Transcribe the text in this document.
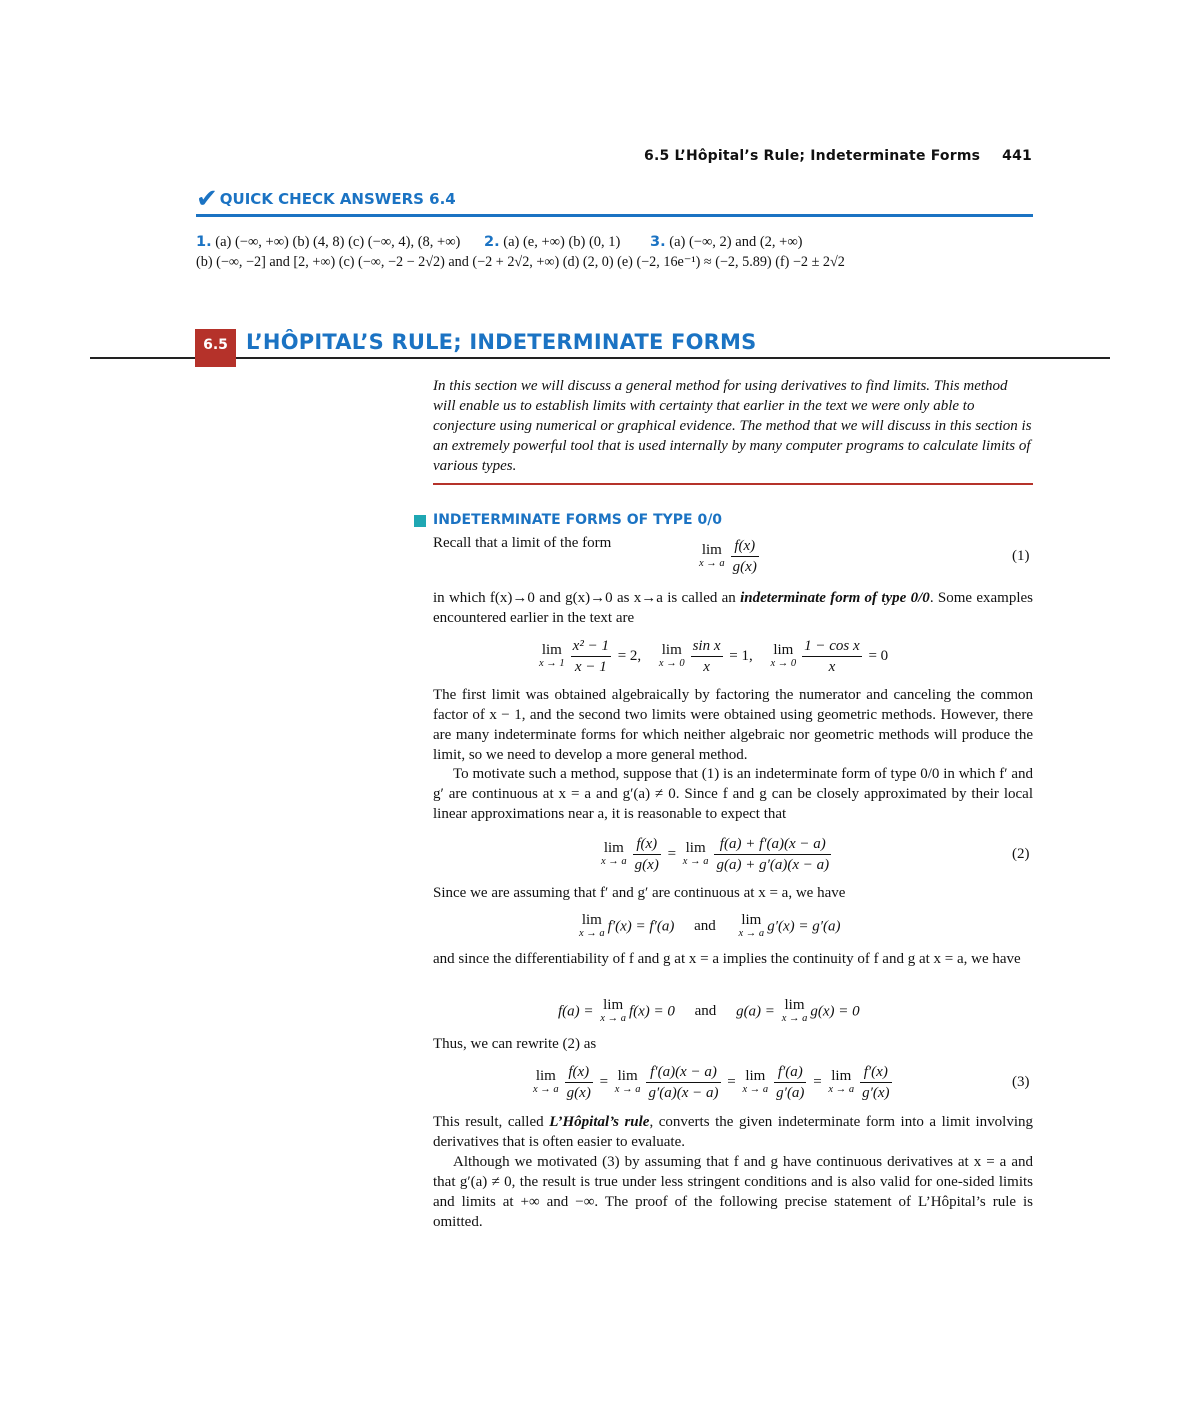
6.5 L’Hôpital’s Rule; Indeterminate Forms 441
✔ QUICK CHECK ANSWERS 6.4
1. (a) (−∞, +∞) (b) (4, 8) (c) (−∞, 4), (8, +∞) 2. (a) (e, +∞) (b) (0, 1) 3. (a) (−∞, 2) and (2, +∞)
(b) (−∞, −2] and [2, +∞) (c) (−∞, −2 − 2√2) and (−2 + 2√2, +∞) (d) (2, 0) (e) (−2, 16e⁻¹) ≈ (−2, 5.89) (f) −2 ± 2√2
6.5 L’HÔPITAL’S RULE; INDETERMINATE FORMS
In this section we will discuss a general method for using derivatives to find limits. This method will enable us to establish limits with certainty that earlier in the text we were only able to conjecture using numerical or graphical evidence. The method that we will discuss in this section is an extremely powerful tool that is used internally by many computer programs to calculate limits of various types.
INDETERMINATE FORMS OF TYPE 0/0
Recall that a limit of the form	lim
x → a $\frac{f(x)}{g(x)}$	(1)
in which f(x)→0 and g(x)→0 as x→a is called an indeterminate form of type 0/0. Some examples encountered earlier in the text are
lim
$x \to 1 \frac{\text{x² − 1}}{x - 1} = 2$, lim
$x \to 0 \frac{\text{sin x}}{x} = 1$, lim
$x \to 0 \frac{\text{1 − cos x}}{x} = 0$
The first limit was obtained algebraically by factoring the numerator and canceling the common factor of x − 1, and the second two limits were obtained using geometric methods. However, there are many indeterminate forms for which neither algebraic nor geometric methods will produce the limit, so we need to develop a more general method.
To motivate such a method, suppose that (1) is an indeterminate form of type 0/0 in which f′ and g′ are continuous at x = a and g′(a) ≠ 0. Since f and g can be closely approximated by their local linear approximations near a, it is reasonable to expect that
lim
x → a $\frac{f(x)}{g(x)} = \lim$
x → a $\frac{f(a) + f'(a)(x - a)}{g(a) + g'(a)(x - a)}$	(2)
Since we are assuming that f′ and g′ are continuous at x = a, we have
lim
x → a f′(x) = f′(a) and lim
x → a g′(x) = g′(a)
and since the differentiability of f and g at x = a implies the continuity of f and g at x = a, we have
f(a) = lim
x → a f(x) = 0 and g(a) = lim
x → a g(x) = 0
Thus, we can rewrite (2) as
lim
x → a $\frac{f(x)}{g(x)} = \lim$
x → a $\frac{f'(a)(x - a)}{g'(a)(x - a)} = \lim$
x → a $\frac{f'(a)}{g'(a)} = \lim$
x → a $\frac{f'(x)}{g'(x)}$	(3)
This result, called L’Hôpital’s rule, converts the given indeterminate form into a limit involving derivatives that is often easier to evaluate.
Although we motivated (3) by assuming that f and g have continuous derivatives at x = a and that g′(a) ≠ 0, the result is true under less stringent conditions and is also valid for one-sided limits and limits at +∞ and −∞. The proof of the following precise statement of L’Hôpital’s rule is omitted.
